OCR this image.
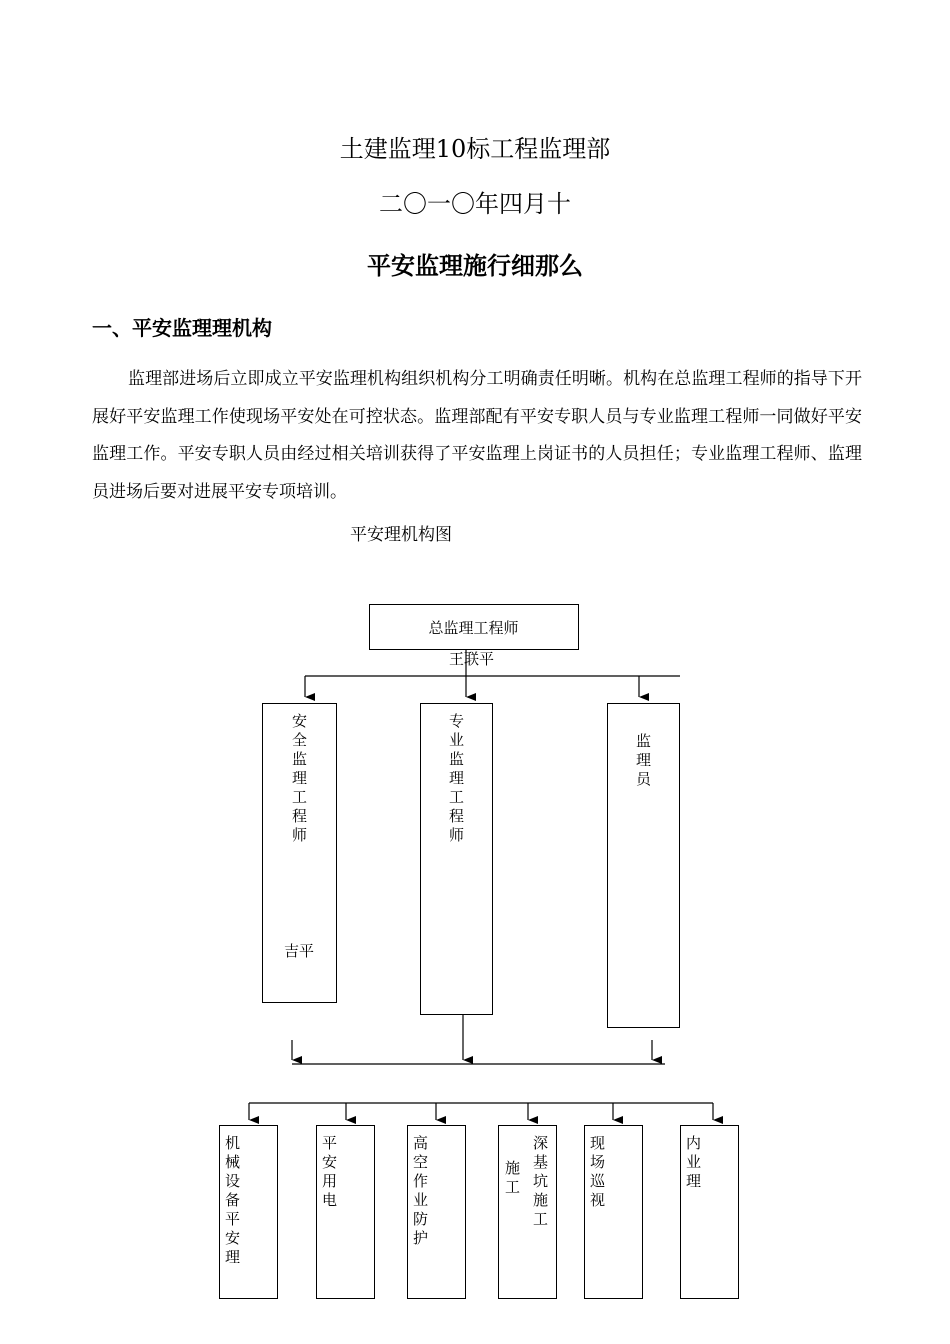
土建监理10标工程监理部
二〇一〇年四月十
平安监理施行细那么
一、平安监理理机构
监理部进场后立即成立平安监理机构组织机构分工明确责任明晰。机构在总监理工程师的指导下开展好平安监理工作使现场平安处在可控状态。监理部配有平安专职人员与专业监理工程师一同做好平安监理工作。平安专职人员由经过相关培训获得了平安监理上岗证书的人员担任；专业监理工程师、监理员进场后要对进展平安专项培训。
平安理机构图
总监理工程师
王联平
安全监理工程师
吉平
专业监理工程师
监理员
机械设备平安理
平安用电
高空作业防护
深基坑施工
施工
现场巡视
内业理
